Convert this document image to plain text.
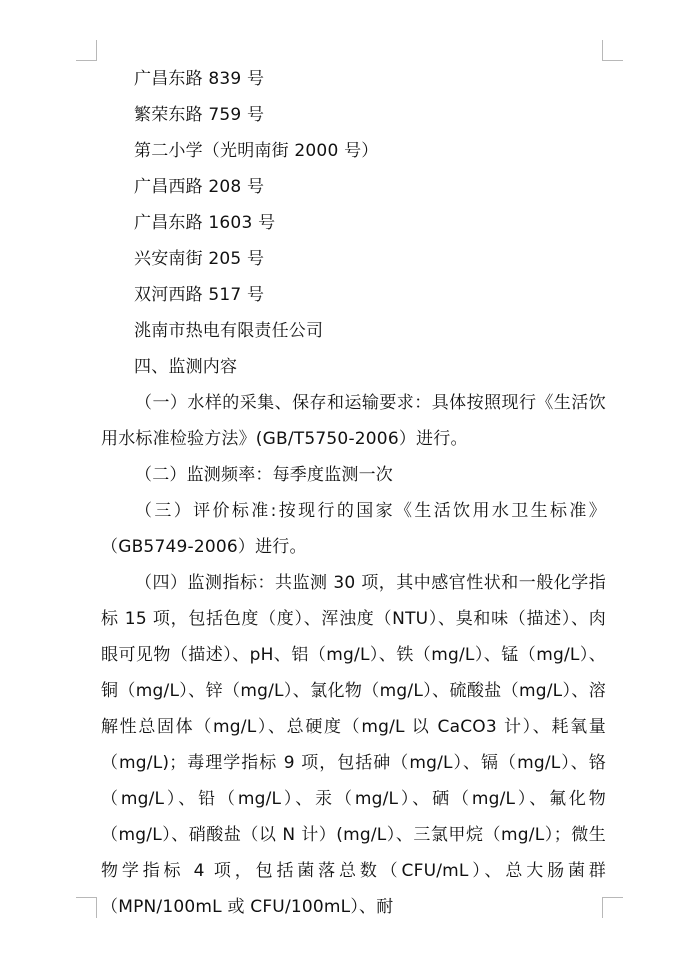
广昌东路 839 号
繁荣东路 759 号
第二小学（光明南街 2000 号）
广昌西路 208 号
广昌东路 1603 号
兴安南街 205 号
双河西路 517 号
洮南市热电有限责任公司
四、监测内容
（一）水样的采集、保存和运输要求：具体按照现行《生活饮用水标准检验方法》(GB/T5750-2006）进行。
（二）监测频率：每季度监测一次
（三）评价标准:按现行的国家《生活饮用水卫生标准》（GB5749-2006）进行。
（四）监测指标：共监测 30 项，其中感官性状和一般化学指标 15 项，包括色度（度）、浑浊度（NTU）、臭和味（描述）、肉眼可见物（描述）、pH、铝（mg/L）、铁（mg/L）、锰（mg/L）、铜（mg/L）、锌（mg/L）、氯化物（mg/L）、硫酸盐（mg/L）、溶解性总固体（mg/L）、总硬度（mg/L 以 CaCO3 计）、耗氧量（mg/L)；毒理学指标 9 项，包括砷（mg/L）、镉（mg/L）、铬（mg/L）、铅（mg/L）、汞（mg/L）、硒（mg/L）、氟化物（mg/L）、硝酸盐（以 N 计）(mg/L）、三氯甲烷（mg/L）；微生物学指标 4 项，包括菌落总数（CFU/mL）、总大肠菌群（MPN/100mL 或 CFU/100mL）、耐
